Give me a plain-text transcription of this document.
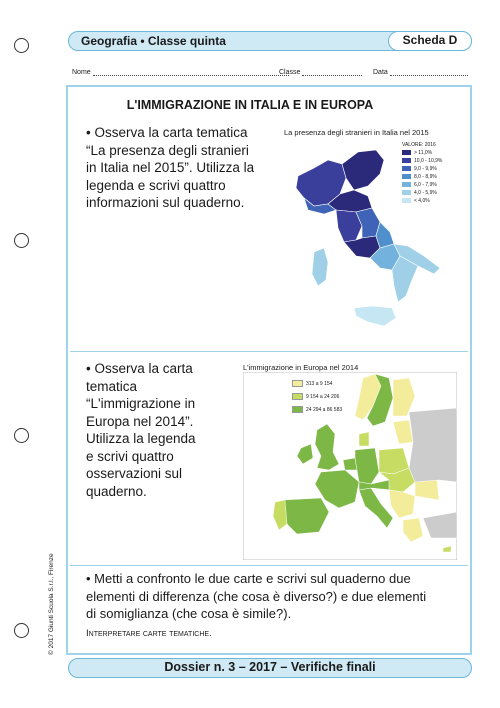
Geografia • Classe quinta	Scheda D
Nome	Classe	Data
L'IMMIGRAZIONE IN ITALIA E IN EUROPA
• Osserva la carta tematica
“La presenza degli stranieri
in Italia nel 2015”. Utilizza la
legenda e scrivi quattro
informazioni sul quaderno.
La presenza degli stranieri in Italia nel 2015
VALORE: 2016
> 11,0%
10,0 - 10,9%
9,0 - 9,9%
8,0 - 8,9%
6,0 - 7,9%
4,0 - 5,9%
< 4,0%
• Osserva la carta
tematica
“L'immigrazione in
Europa nel 2014”.
Utilizza la legenda
e scrivi quattro
osservazioni sul
quaderno.
L'immigrazione in Europa nel 2014
313 a 9 154
9 154 a 24 206
24 294 a 86 583
• Metti a confronto le due carte e scrivi sul quaderno due
elementi di differenza (che cosa è diverso?) e due elementi
di somiglianza (che cosa è simile?).
Interpretare carte tematiche.
© 2017 Giunti Scuola S.r.l., Firenze
Dossier n. 3 – 2017 – Verifiche finali
